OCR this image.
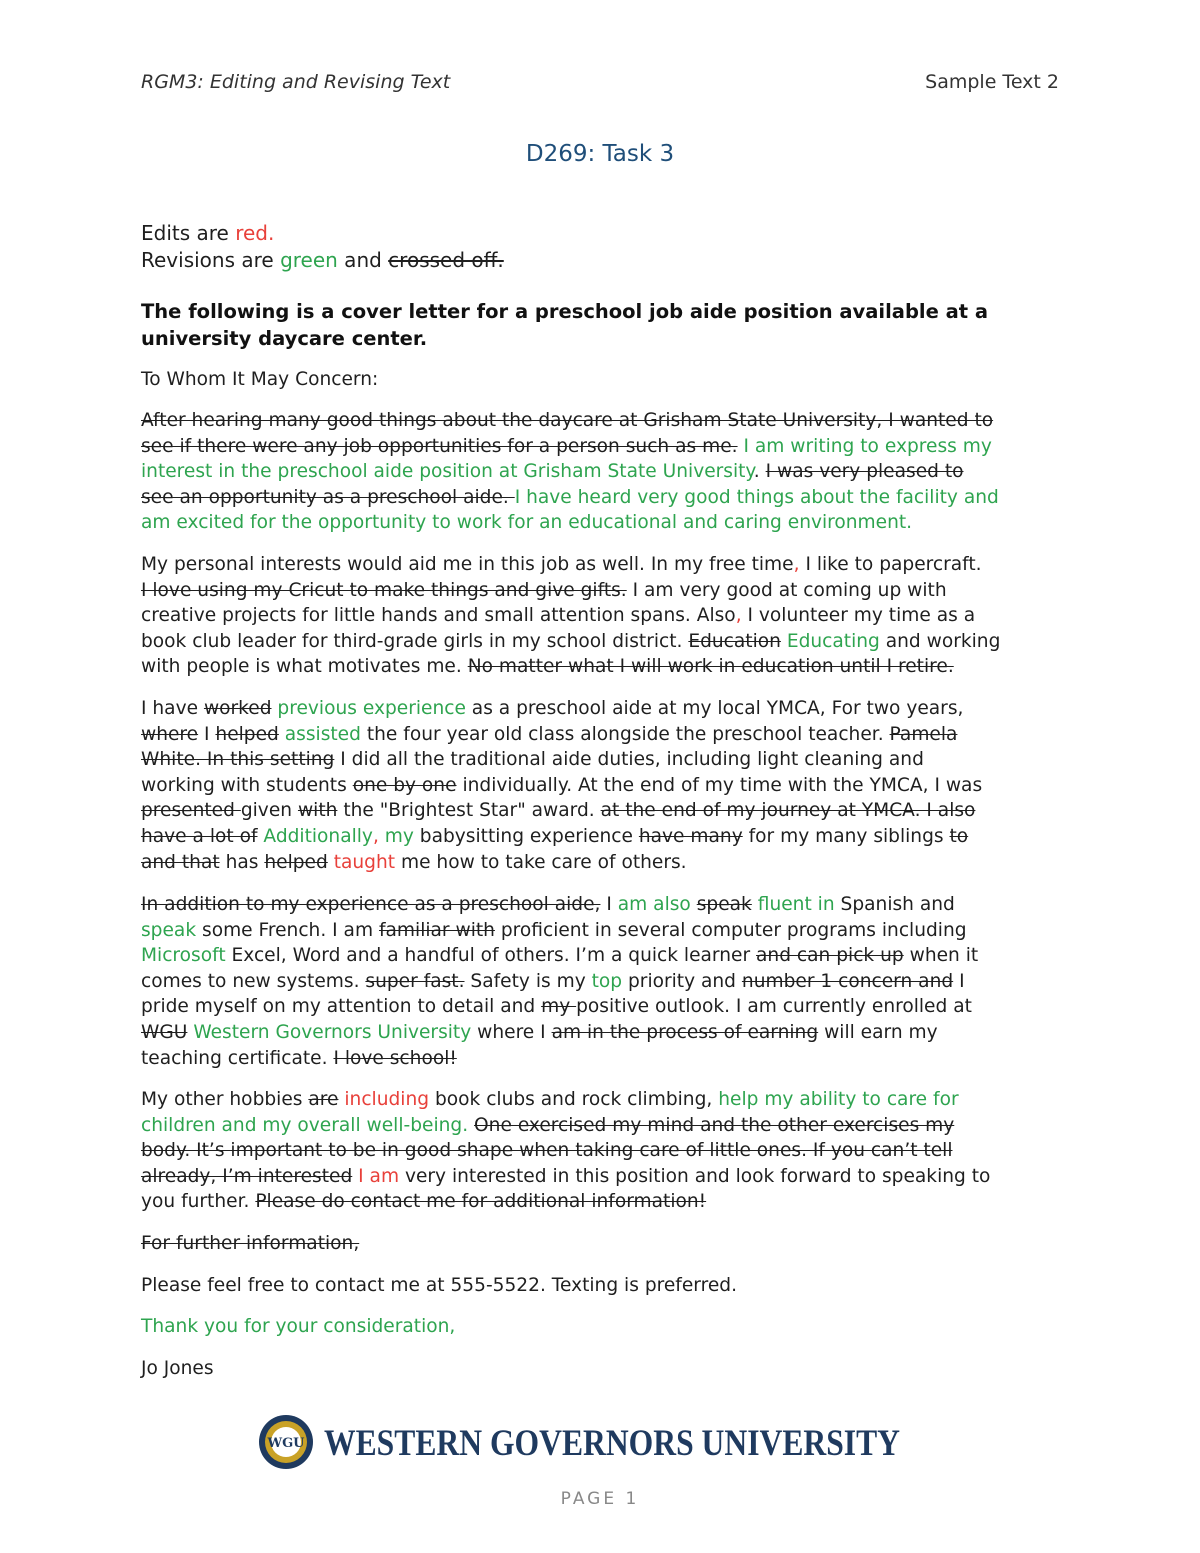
RGM3: Editing and Revising Text	Sample Text 2
D269: Task 3
Edits are red.
Revisions are green and crossed off.
The following is a cover letter for a preschool job aide position available at a university daycare center.
To Whom It May Concern:
After hearing many good things about the daycare at Grisham State University, I wanted to
see if there were any job opportunities for a person such as me. I am writing to express my
interest in the preschool aide position at Grisham State University. I was very pleased to
see an opportunity as a preschool aide. I have heard very good things about the facility and
am excited for the opportunity to work for an educational and caring environment.
My personal interests would aid me in this job as well. In my free time, I like to papercraft.
I love using my Cricut to make things and give gifts. I am very good at coming up with
creative projects for little hands and small attention spans. Also, I volunteer my time as a
book club leader for third-grade girls in my school district. Education Educating and working
with people is what motivates me. No matter what I will work in education until I retire.
I have worked previous experience as a preschool aide at my local YMCA, For two years,
where I helped assisted the four year old class alongside the preschool teacher. Pamela
White. In this setting I did all the traditional aide duties, including light cleaning and
working with students one by one individually. At the end of my time with the YMCA, I was
presented given with the "Brightest Star" award. at the end of my journey at YMCA. I also
have a lot of Additionally, my babysitting experience have many for my many siblings to
and that has helped taught me how to take care of others.
In addition to my experience as a preschool aide, I am also speak fluent in Spanish and
speak some French. I am familiar with proficient in several computer programs including
Microsoft Excel, Word and a handful of others. I’m a quick learner and can pick up when it
comes to new systems. super fast. Safety is my top priority and number 1 concern and I
pride myself on my attention to detail and my positive outlook. I am currently enrolled at
WGU Western Governors University where I am in the process of earning will earn my
teaching certificate. I love school!
My other hobbies are including book clubs and rock climbing, help my ability to care for
children and my overall well-being. One exercised my mind and the other exercises my
body. It’s important to be in good shape when taking care of little ones. If you can’t tell
already, I’m interested I am very interested in this position and look forward to speaking to
you further. Please do contact me for additional information!
For further information,
Please feel free to contact me at 555-5522. Texting is preferred.
Thank you for your consideration,
Jo Jones
WGU WESTERN GOVERNORS UNIVERSITY
PAGE 1
